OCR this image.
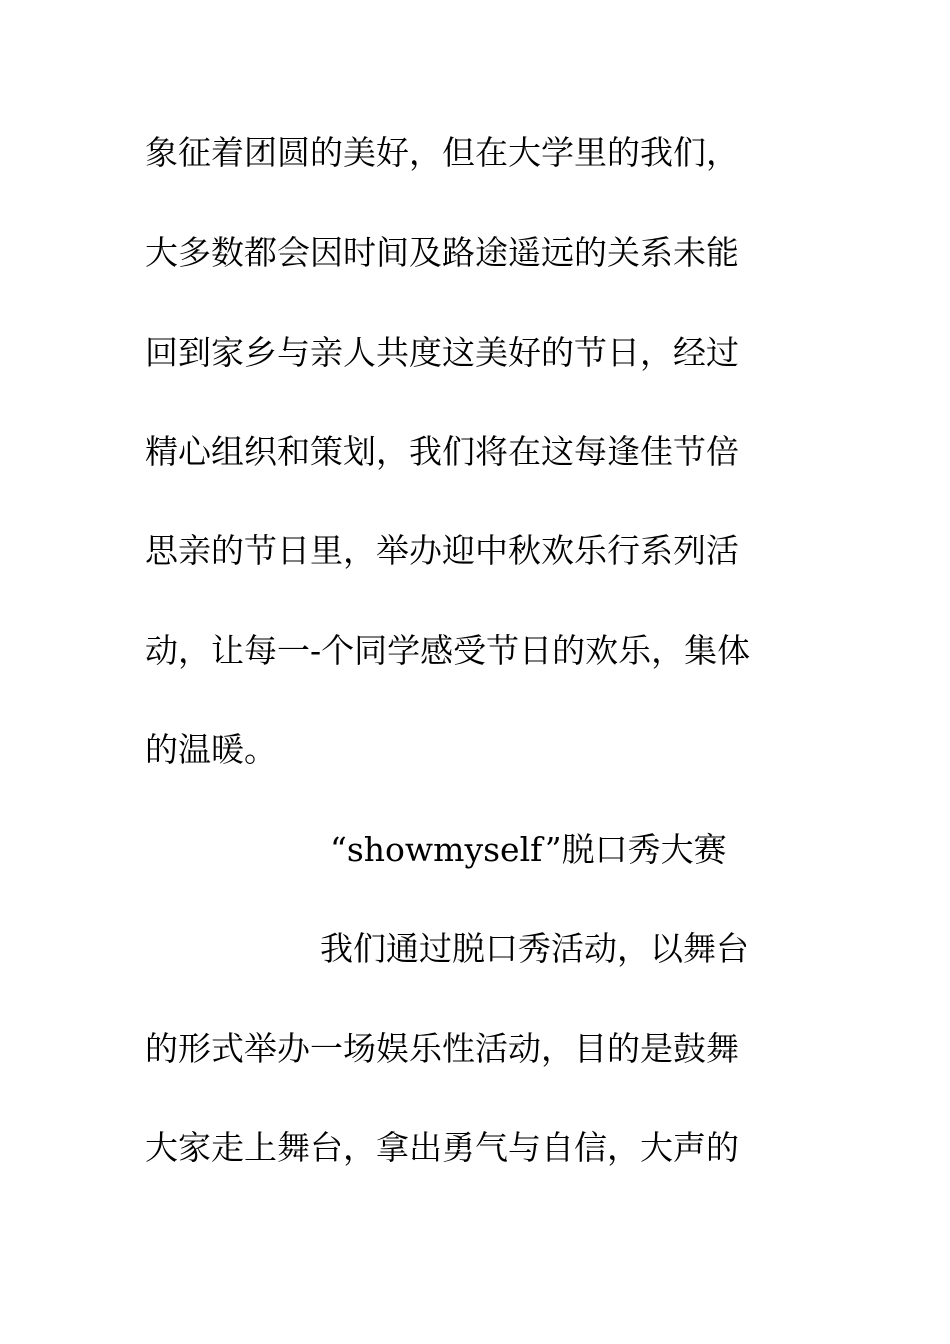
象征着团圆的美好，但在大学里的我们，
大多数都会因时间及路途遥远的关系未能
回到家乡与亲人共度这美好的节日，经过
精心组织和策划，我们将在这每逢佳节倍
思亲的节日里，举办迎中秋欢乐行系列活
动，让每一-个同学感受节日的欢乐，集体
的温暖。
“showmyself”脱口秀大赛
我们通过脱口秀活动，以舞台
的形式举办一场娱乐性活动，目的是鼓舞
大家走上舞台，拿出勇气与自信，大声的
